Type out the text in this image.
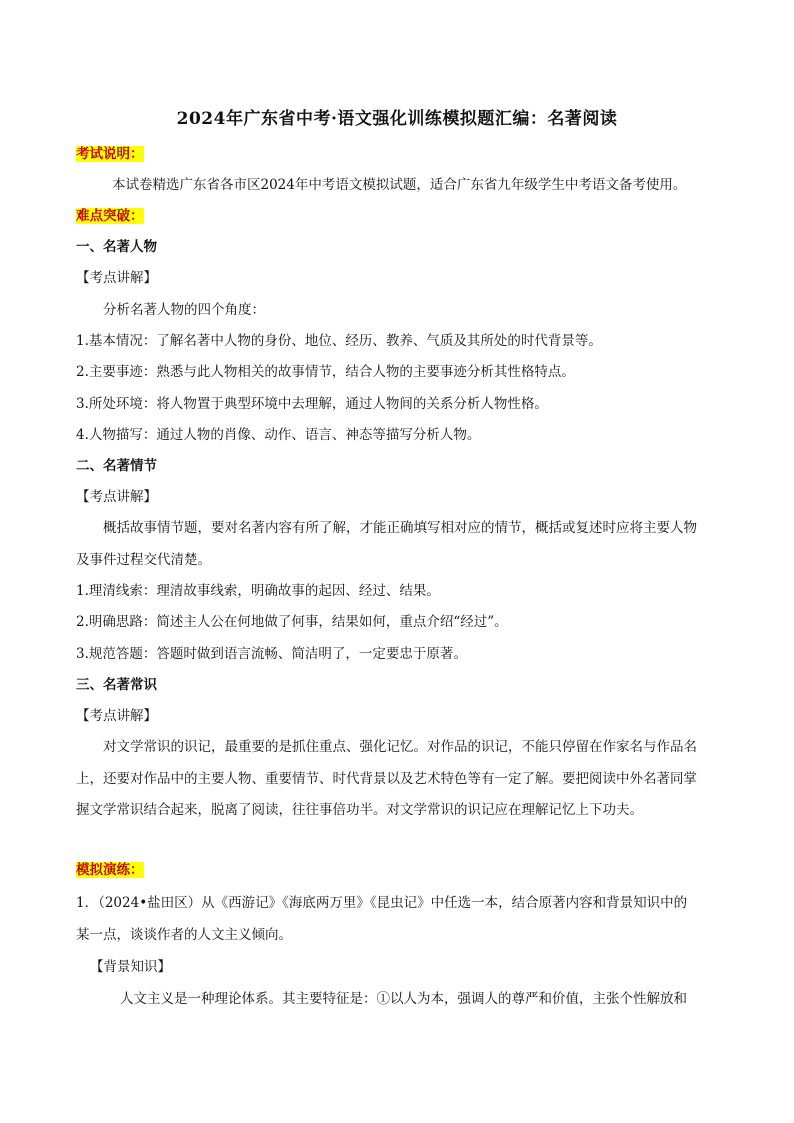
2024年广东省中考·语文强化训练模拟题汇编：名著阅读
考试说明：
本试卷精选广东省各市区2024年中考语文模拟试题，适合广东省九年级学生中考语文备考使用。
难点突破：
一、名著人物
【考点讲解】
分析名著人物的四个角度：
1.基本情况：了解名著中人物的身份、地位、经历、教养、气质及其所处的时代背景等。
2.主要事迹：熟悉与此人物相关的故事情节，结合人物的主要事迹分析其性格特点。
3.所处环境：将人物置于典型环境中去理解，通过人物间的关系分析人物性格。
4.人物描写：通过人物的肖像、动作、语言、神态等描写分析人物。
二、名著情节
【考点讲解】
概括故事情节题，要对名著内容有所了解，才能正确填写相对应的情节，概括或复述时应将主要人物
及事件过程交代清楚。
1.理清线索：理清故事线索，明确故事的起因、经过、结果。
2.明确思路：简述主人公在何地做了何事，结果如何，重点介绍“经过”。
3.规范答题：答题时做到语言流畅、简洁明了，一定要忠于原著。
三、名著常识
【考点讲解】
对文学常识的识记，最重要的是抓住重点、强化记忆。对作品的识记，不能只停留在作家名与作品名
上，还要对作品中的主要人物、重要情节、时代背景以及艺术特色等有一定了解。要把阅读中外名著同掌
握文学常识结合起来，脱离了阅读，往往事倍功半。对文学常识的识记应在理解记忆上下功夫。
模拟演练：
1．（2024•盐田区）从《西游记》《海底两万里》《昆虫记》中任选一本，结合原著内容和背景知识中的
某一点，谈谈作者的人文主义倾向。
【背景知识】
人文主义是一种理论体系。其主要特征是：①以人为本，强调人的尊严和价值，主张个性解放和
